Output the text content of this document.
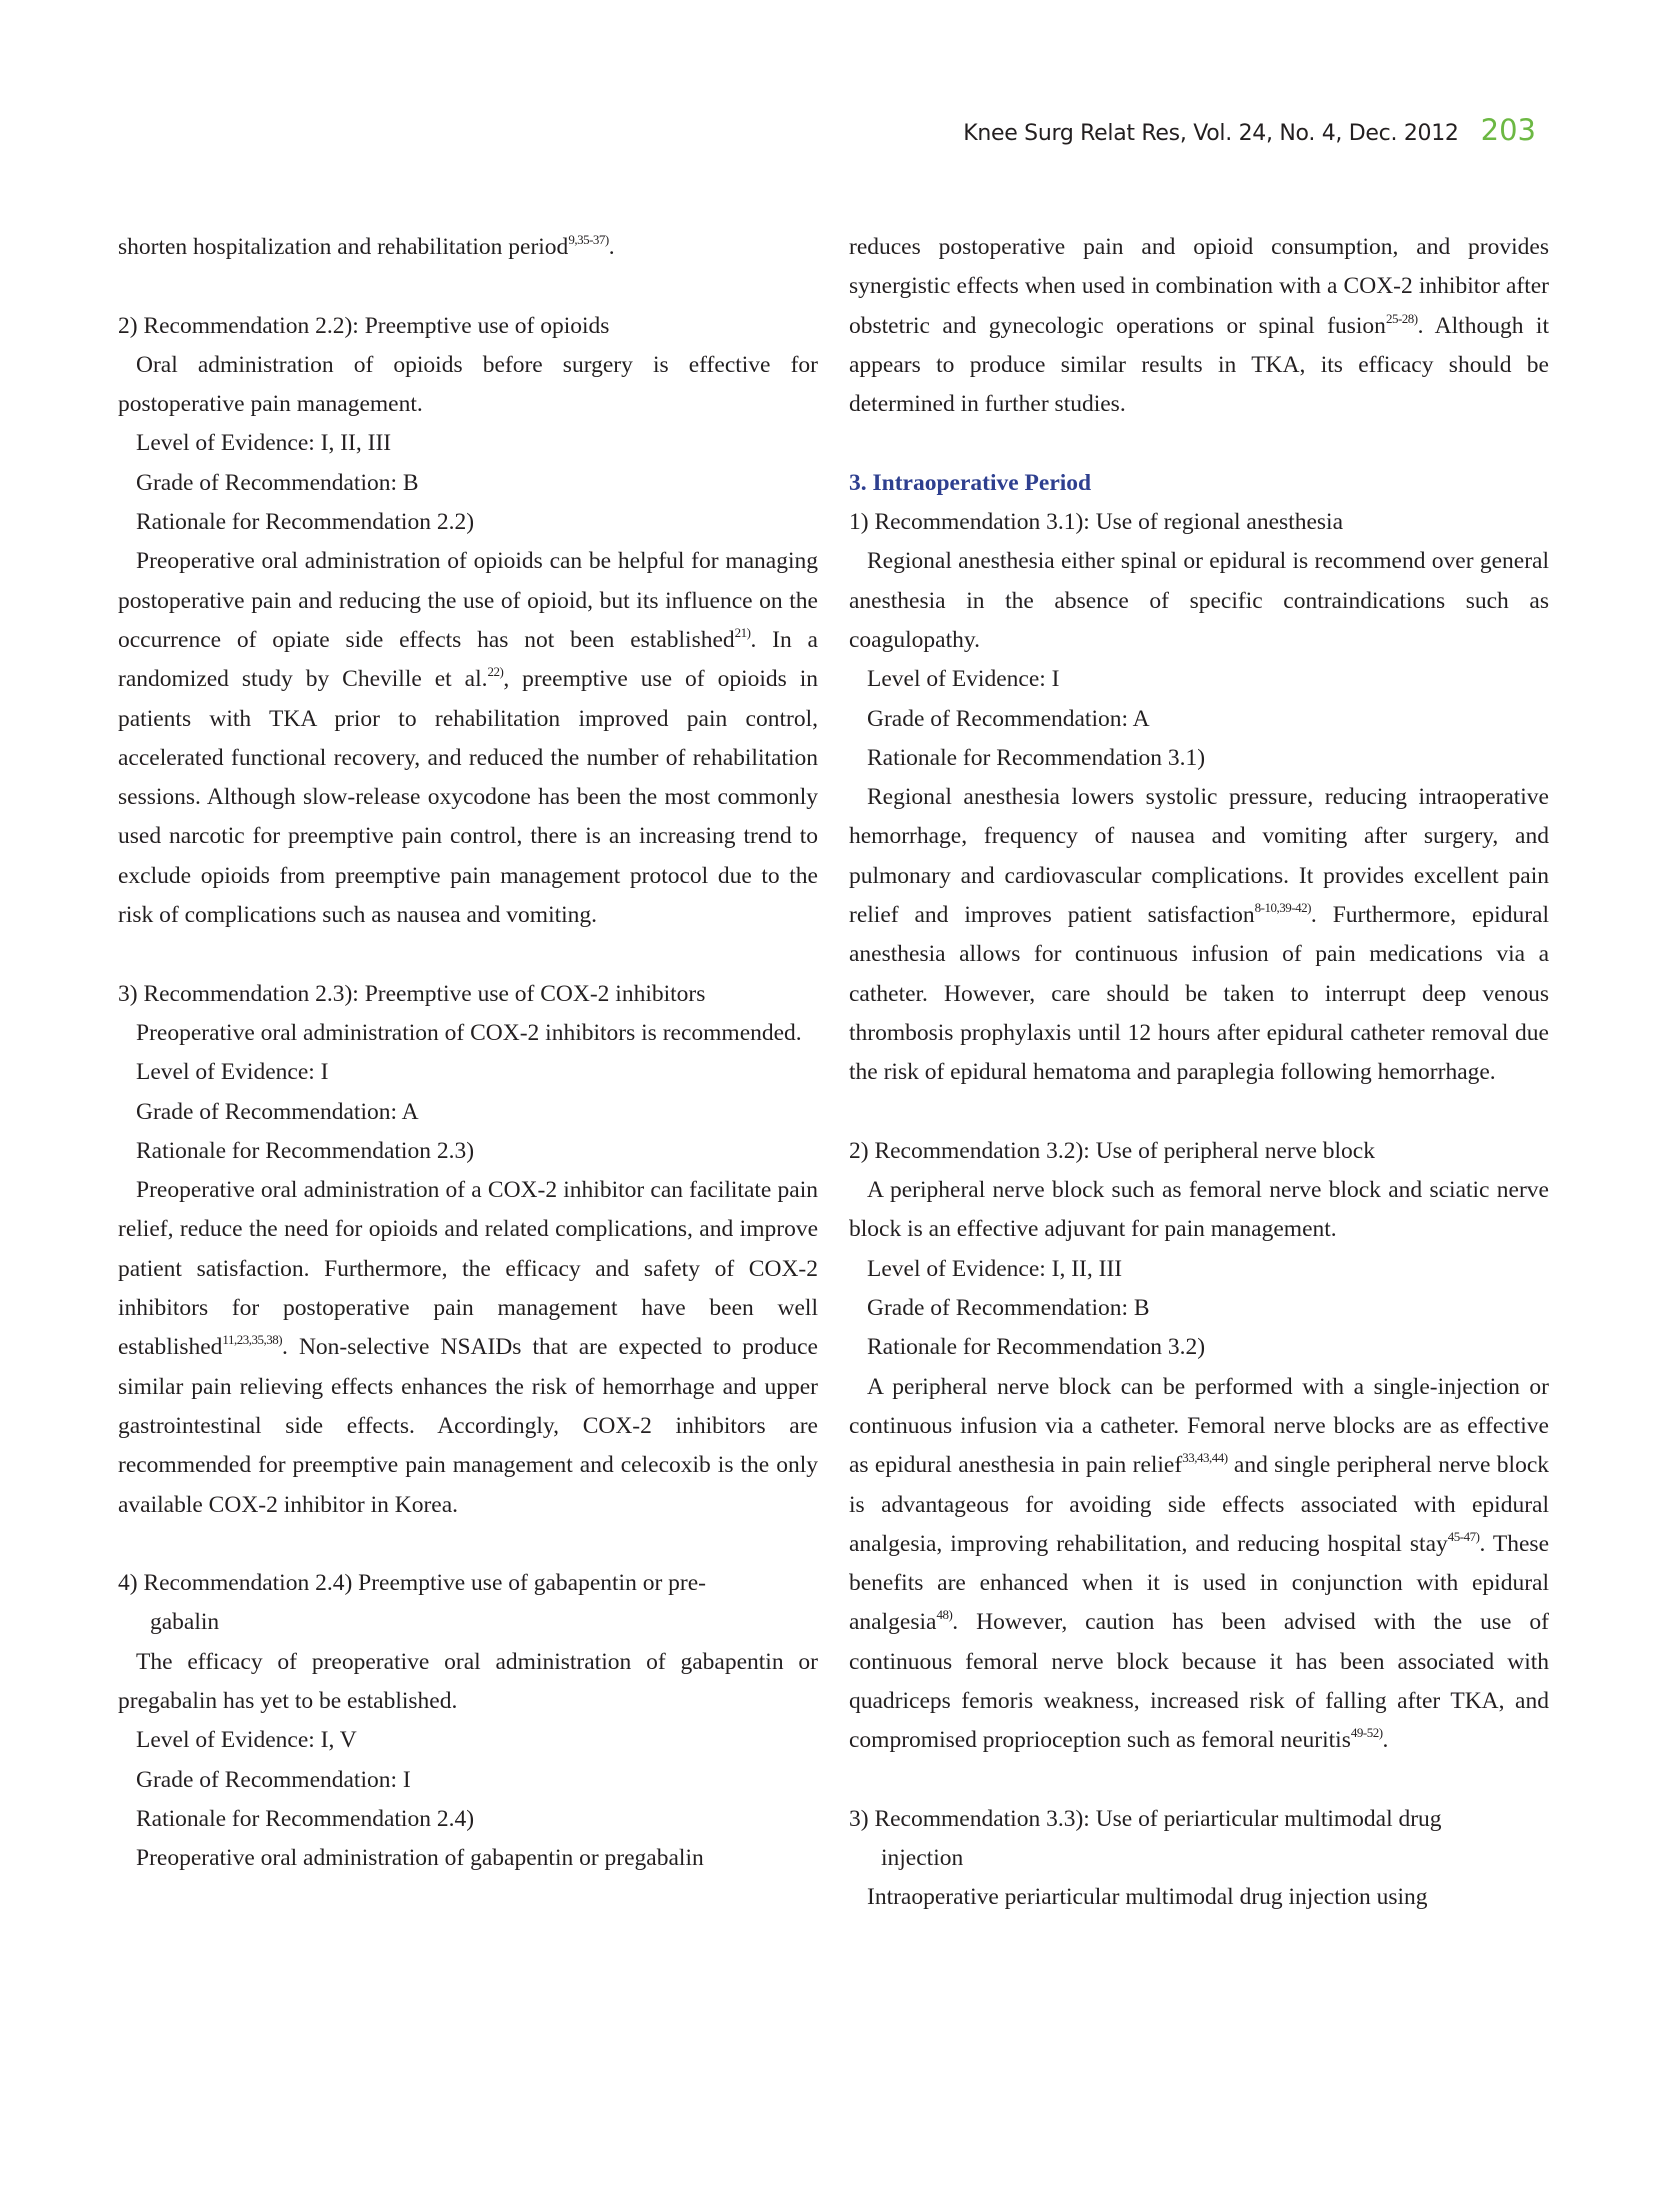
Knee Surg Relat Res, Vol. 24, No. 4, Dec. 2012 203

shorten hospitalization and rehabilitation period$^{9,35-37)}$.

2) Recommendation 2.2): Preemptive use of opioids

Oral administration of opioids before surgery is effective for postoperative pain management.

Level of Evidence: I, II, III

Grade of Recommendation: B

Rationale for Recommendation 2.2)

Preoperative oral administration of opioids can be helpful for managing postoperative pain and reducing the use of opioid, but its influence on the occurrence of opiate side effects has not been established$^{21)}$. In a randomized study by Cheville et al.$^{22)}$, preemptive use of opioids in patients with TKA prior to rehabilitation improved pain control, accelerated functional recovery, and reduced the number of rehabilitation sessions. Although slow-release oxycodone has been the most commonly used narcotic for preemptive pain control, there is an increasing trend to exclude opioids from preemptive pain management protocol due to the risk of complications such as nausea and vomiting.

3) Recommendation 2.3): Preemptive use of COX-2 inhibitors

Preoperative oral administration of COX-2 inhibitors is recommended.

Level of Evidence: I

Grade of Recommendation: A

Rationale for Recommendation 2.3)

Preoperative oral administration of a COX-2 inhibitor can facilitate pain relief, reduce the need for opioids and related complications, and improve patient satisfaction. Furthermore, the efficacy and safety of COX-2 inhibitors for postoperative pain management have been well established$^{11,23,35,38)}$. Non-selective NSAIDs that are expected to produce similar pain relieving effects enhances the risk of hemorrhage and upper gastrointestinal side effects. Accordingly, COX-2 inhibitors are recommended for preemptive pain management and celecoxib is the only available COX-2 inhibitor in Korea.

4) Recommendation 2.4) Preemptive use of gabapentin or pre-
gabalin

The efficacy of preoperative oral administration of gabapentin or pregabalin has yet to be established.

Level of Evidence: I, V

Grade of Recommendation: I

Rationale for Recommendation 2.4)

Preoperative oral administration of gabapentin or pregabalin

reduces postoperative pain and opioid consumption, and provides synergistic effects when used in combination with a COX-2 inhibitor after obstetric and gynecologic operations or spinal fusion$^{25-28)}$. Although it appears to produce similar results in TKA, its efficacy should be determined in further studies.

3. Intraoperative Period

1) Recommendation 3.1): Use of regional anesthesia

Regional anesthesia either spinal or epidural is recommend over general anesthesia in the absence of specific contraindications such as coagulopathy.

Level of Evidence: I

Grade of Recommendation: A

Rationale for Recommendation 3.1)

Regional anesthesia lowers systolic pressure, reducing intraoperative hemorrhage, frequency of nausea and vomiting after surgery, and pulmonary and cardiovascular complications. It provides excellent pain relief and improves patient satisfaction$^{8-10,39-42)}$. Furthermore, epidural anesthesia allows for continuous infusion of pain medications via a catheter. However, care should be taken to interrupt deep venous thrombosis prophylaxis until 12 hours after epidural catheter removal due the risk of epidural hematoma and paraplegia following hemorrhage.

2) Recommendation 3.2): Use of peripheral nerve block

A peripheral nerve block such as femoral nerve block and sciatic nerve block is an effective adjuvant for pain management.

Level of Evidence: I, II, III

Grade of Recommendation: B

Rationale for Recommendation 3.2)

A peripheral nerve block can be performed with a single-injection or continuous infusion via a catheter. Femoral nerve blocks are as effective as epidural anesthesia in pain relief$^{33,43,44)}$ and single peripheral nerve block is advantageous for avoiding side effects associated with epidural analgesia, improving rehabilitation, and reducing hospital stay$^{45-47)}$. These benefits are enhanced when it is used in conjunction with epidural analgesia$^{48)}$. However, caution has been advised with the use of continuous femoral nerve block because it has been associated with quadriceps femoris weakness, increased risk of falling after TKA, and compromised proprioception such as femoral neuritis$^{49-52)}$.

3) Recommendation 3.3): Use of periarticular multimodal drug
injection

Intraoperative periarticular multimodal drug injection using
